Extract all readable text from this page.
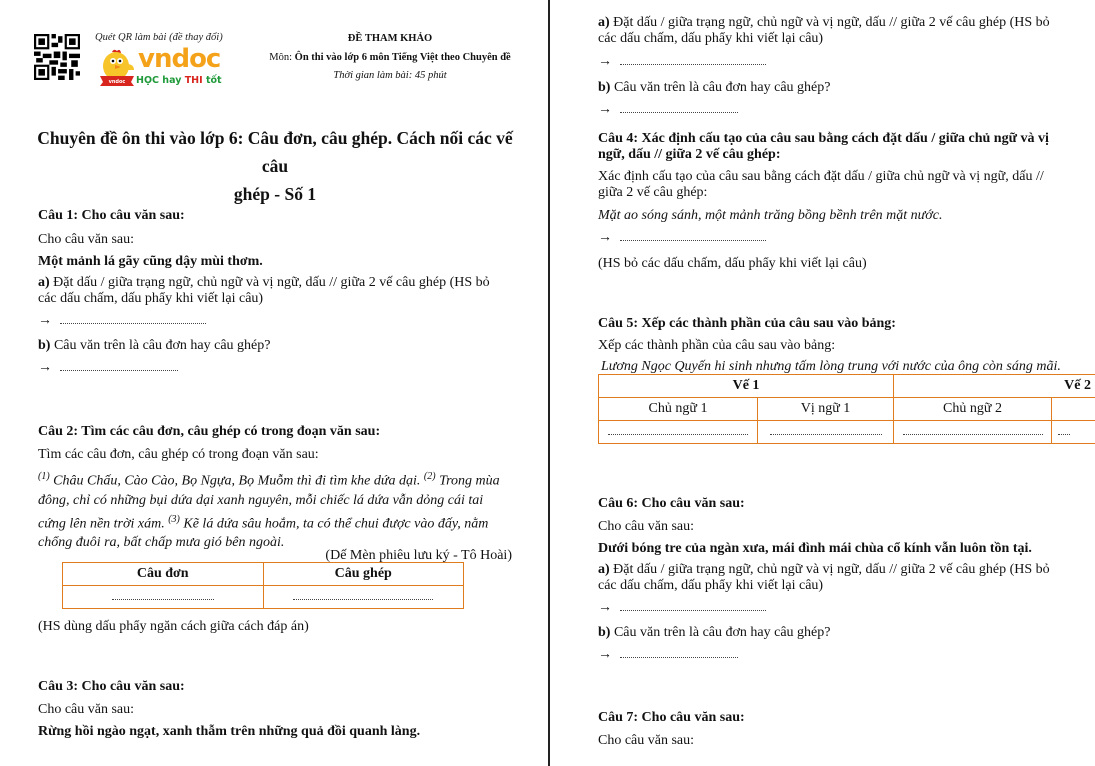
Quét QR làm bài (đề thay đổi)
vndoc
vndoc
HỌC hay THI tốt
ĐỀ THAM KHẢO
Môn: Ôn thi vào lớp 6 môn Tiếng Việt theo Chuyên đề
Thời gian làm bài: 45 phút
Chuyên đề ôn thi vào lớp 6: Câu đơn, câu ghép. Cách nối các vế câu
ghép - Số 1
Câu 1: Cho câu văn sau:
Cho câu văn sau:
Một mảnh lá gãy cũng dậy mùi thơm.
a) Đặt dấu / giữa trạng ngữ, chủ ngữ và vị ngữ, dấu // giữa 2 vế câu ghép (HS bỏ các dấu chấm, dấu phẩy khi viết lại câu)
→
b) Câu văn trên là câu đơn hay câu ghép?
→
Câu 2: Tìm các câu đơn, câu ghép có trong đoạn văn sau:
Tìm các câu đơn, câu ghép có trong đoạn văn sau:
$^{(1)}$ Châu Chấu, Cào Cào, Bọ Ngựa, Bọ Muỗm thì đi tìm khe dứa dại. $^{(2)}$ Trong mùa đông, chỉ có những bụi dứa dại xanh nguyên, mỗi chiếc lá dứa vẫn dỏng cái tai cứng lên nền trời xám. $^{(3)}$ Kẽ lá dứa sâu hoắm, ta có thể chui được vào đấy, nằm chổng đuôi ra, bất chấp mưa gió bên ngoài.
(Dế Mèn phiêu lưu ký - Tô Hoài)
Câu đơn	Câu ghép

(HS dùng dấu phẩy ngăn cách giữa cách đáp án)
Câu 3: Cho câu văn sau:
Cho câu văn sau:
Rừng hồi ngào ngạt, xanh thẫm trên những quả đồi quanh làng.
a) Đặt dấu / giữa trạng ngữ, chủ ngữ và vị ngữ, dấu // giữa 2 vế câu ghép (HS bỏ các dấu chấm, dấu phẩy khi viết lại câu)
→
b) Câu văn trên là câu đơn hay câu ghép?
→
Câu 4: Xác định cấu tạo của câu sau bằng cách đặt dấu / giữa chủ ngữ và vị ngữ, dấu // giữa 2 vế câu ghép:
Xác định cấu tạo của câu sau bằng cách đặt dấu / giữa chủ ngữ và vị ngữ, dấu // giữa 2 vế câu ghép:
Mặt ao sóng sánh, một mảnh trăng bồng bềnh trên mặt nước.
→
(HS bỏ các dấu chấm, dấu phẩy khi viết lại câu)
Câu 5: Xếp các thành phần của câu sau vào bảng:
Xếp các thành phần của câu sau vào bảng:
Lương Ngọc Quyến hi sinh nhưng tấm lòng trung với nước của ông còn sáng mãi.
Vế 1		Vế 2	
Chủ ngữ 1	Vị ngữ 1	Chủ ngữ 2	

Câu 6: Cho câu văn sau:
Cho câu văn sau:
Dưới bóng tre của ngàn xưa, mái đình mái chùa cổ kính vẫn luôn tồn tại.
a) Đặt dấu / giữa trạng ngữ, chủ ngữ và vị ngữ, dấu // giữa 2 vế câu ghép (HS bỏ các dấu chấm, dấu phẩy khi viết lại câu)
→
b) Câu văn trên là câu đơn hay câu ghép?
→
Câu 7: Cho câu văn sau:
Cho câu văn sau:
